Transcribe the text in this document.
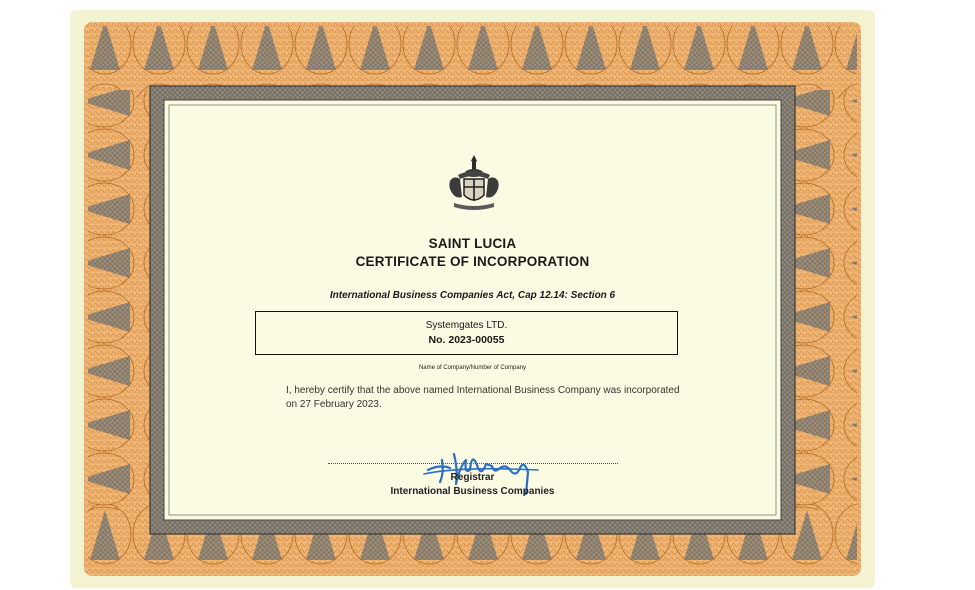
SAINT LUCIA
CERTIFICATE OF INCORPORATION
International Business Companies Act, Cap 12.14: Section 6
Systemgates LTD.
No. 2023-00055
Name of Company/Number of Company
I, hereby certify that the above named International Business Company was incorporated on 27 February 2023.
Registrar
International Business Companies
